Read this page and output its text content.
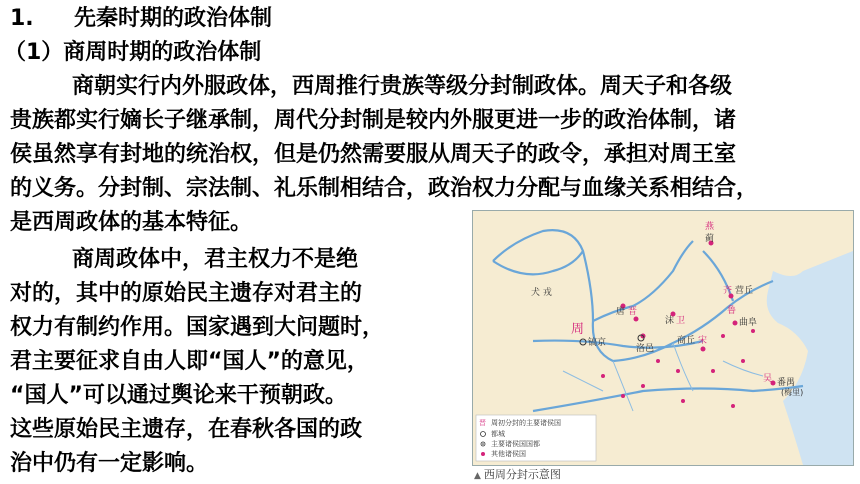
1. 先秦时期的政治体制
（1）商周时期的政治体制

商朝实行内外服政体，西周推行贵族等级分封制政体。周天子和各级

贵族都实行嫡长子继承制，周代分封制是较内外服更进一步的政治体制，诸

侯虽然享有封地的统治权，但是仍然需要服从周天子的政令，承担对周王室

的义务。分封制、宗法制、礼乐制相结合，政治权力分配与血缘关系相结合，

是西周政体的基本特征。

商周政体中，君主权力不是绝

对的，其中的原始民主遗存对君主的

权力有制约作用。国家遇到大问题时，

君主要征求自由人即“国人”的意见，

“国人”可以通过舆论来干预朝政。

这些原始民主遗存，在春秋各国的政

治中仍有一定影响。

燕
蓟
犬 戎
周
镐京
唐 晋
沫 卫
齐 营丘
鲁
曲阜
洛邑
商丘 宋
吴 番禺
(梅里)
晋 周初分封的主要诸侯国
都城
主要诸侯国国都
其他诸侯国
▲ 西周分封示意图
